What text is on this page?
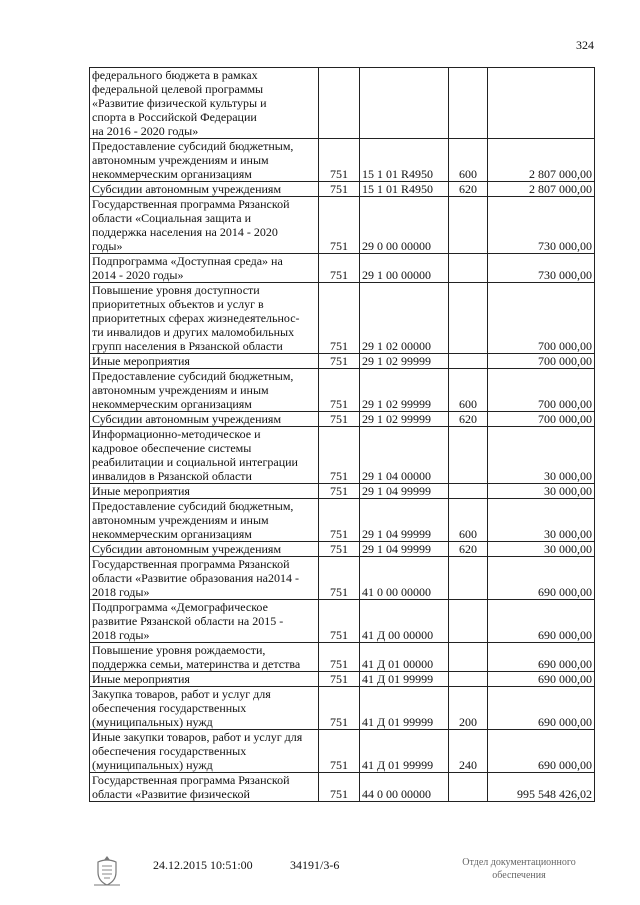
324
федерального бюджета в рамках
федеральной целевой программы
«Развитие физической культуры и
спорта в Российской Федерации
на 2016 - 2020 годы»				

Предоставление субсидий бюджетным,
автономным учреждениям и иным
некоммерческим организациям	751	15 1 01 R4950	600	2 807 000,00

Субсидии автономным учреждениям	751	15 1 01 R4950	620	2 807 000,00

Государственная программа Рязанской
области «Социальная защита и
поддержка населения на 2014 - 2020
годы»	751	29 0 00 00000		730 000,00

Подпрограмма «Доступная среда» на
2014 - 2020 годы»	751	29 1 00 00000		730 000,00

Повышение уровня доступности
приоритетных объектов и услуг в
приоритетных сферах жизнедеятельнос-
ти инвалидов и других маломобильных
групп населения в Рязанской области	751	29 1 02 00000		700 000,00

Иные мероприятия	751	29 1 02 99999		700 000,00

Предоставление субсидий бюджетным,
автономным учреждениям и иным
некоммерческим организациям	751	29 1 02 99999	600	700 000,00

Субсидии автономным учреждениям	751	29 1 02 99999	620	700 000,00

Информационно-методическое и
кадровое обеспечение системы
реабилитации и социальной интеграции
инвалидов в Рязанской области	751	29 1 04 00000		30 000,00

Иные мероприятия	751	29 1 04 99999		30 000,00

Предоставление субсидий бюджетным,
автономным учреждениям и иным
некоммерческим организациям	751	29 1 04 99999	600	30 000,00

Субсидии автономным учреждениям	751	29 1 04 99999	620	30 000,00

Государственная программа Рязанской
области «Развитие образования на2014 -
2018 годы»	751	41 0 00 00000		690 000,00

Подпрограмма «Демографическое
развитие Рязанской области на 2015 -
2018 годы»	751	41 Д 00 00000		690 000,00

Повышение уровня рождаемости,
поддержка семьи, материнства и детства	751	41 Д 01 00000		690 000,00

Иные мероприятия	751	41 Д 01 99999		690 000,00

Закупка товаров, работ и услуг для
обеспечения государственных
(муниципальных) нужд	751	41 Д 01 99999	200	690 000,00

Иные закупки товаров, работ и услуг для
обеспечения государственных
(муниципальных) нужд	751	41 Д 01 99999	240	690 000,00

Государственная программа Рязанской
области «Развитие физической	751	44 0 00 00000		995 548 426,02
24.12.2015 10:51:00	34191/3-6	Отдел документационного
обеспечения
